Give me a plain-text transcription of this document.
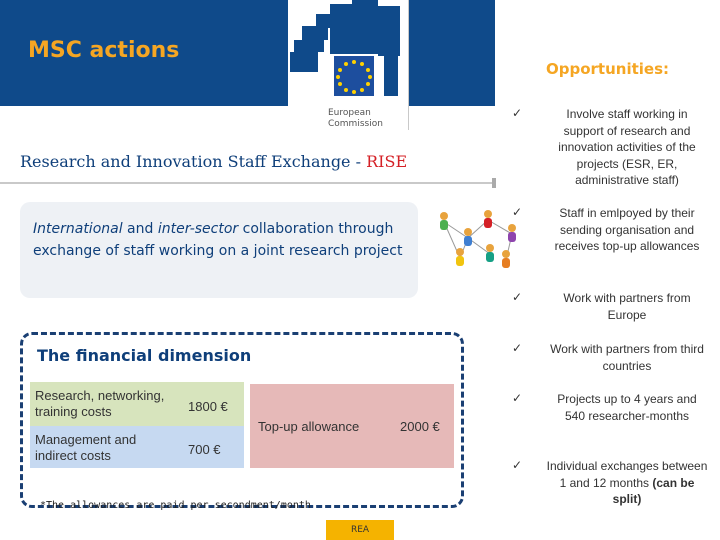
MSC actions
European
Commission
Opportunities:
Research and Innovation Staff Exchange - RISE

International and inter-sector collaboration through exchange of staff working on a joint research project

The financial dimension
Research, networking, training costs	1800 €
Management and indirect costs	700 €
Top-up allowance	2000 €
*The allowances are paid per secondment/month
REA
✓	Involve staff working in support of research and innovation activities of the projects (ESR, ER, administrative staff)
✓	Staff in emlpoyed by their sending organisation and receives top-up allowances
✓	Work with partners from Europe
✓	Work with partners from third countries
✓	Projects up to 4 years and 540 researcher-months
✓ Individual exchanges between 1 and 12 months (can be split)
